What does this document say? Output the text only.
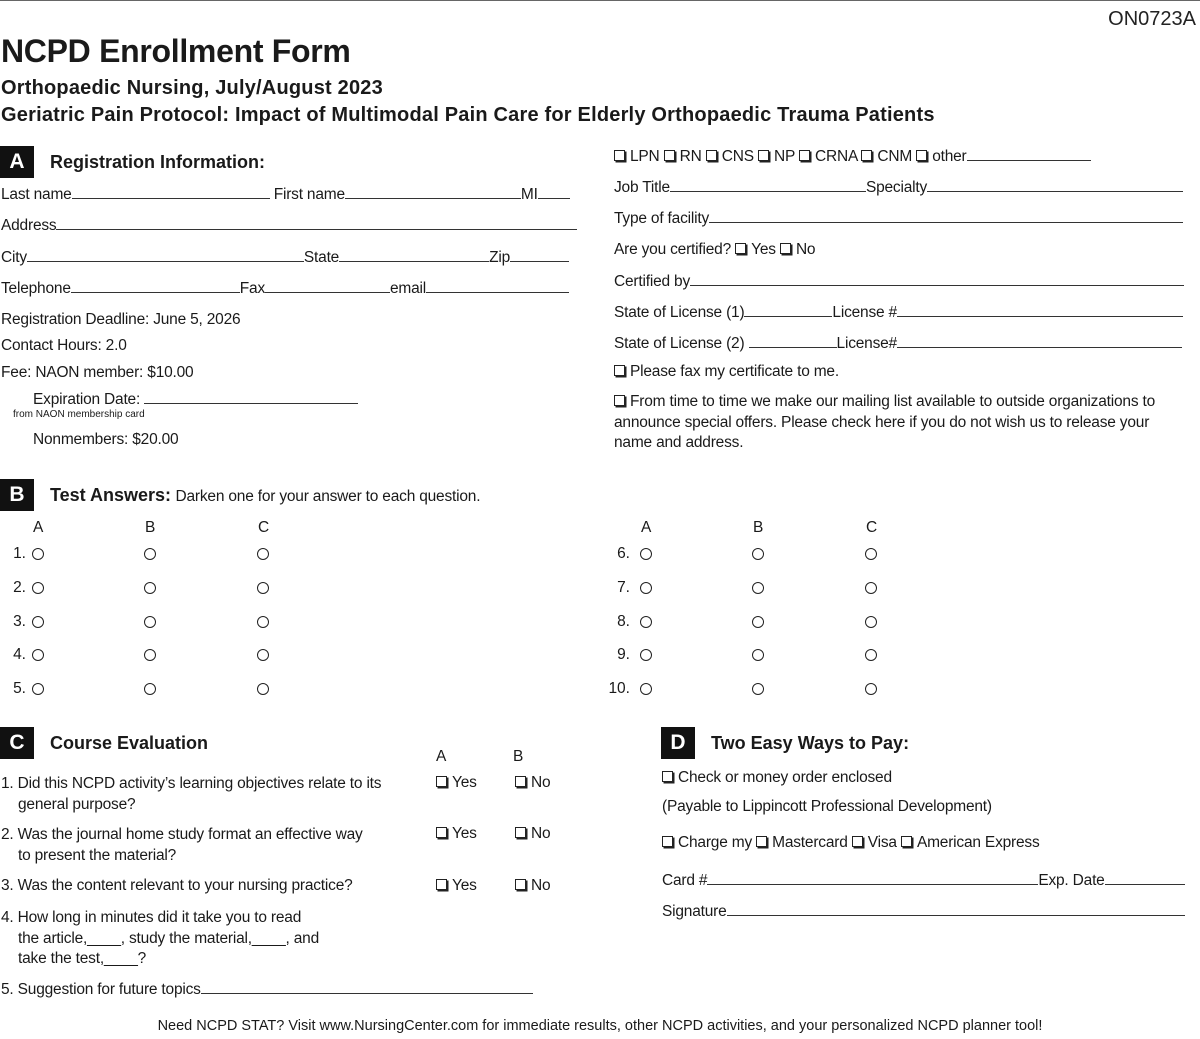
ON0723A
NCPD Enrollment Form
Orthopaedic Nursing, July/August 2023
Geriatric Pain Protocol: Impact of Multimodal Pain Care for Elderly Orthopaedic Trauma Patients
A	Registration Information:
Last name	First name	MI
Address
City	State	Zip
Telephone	Fax	email
Registration Deadline: June 5, 2026
Contact Hours: 2.0
Fee: NAON member: $10.00
Expiration Date:
from NAON membership card
Nonmembers: $20.00
LPN RN CNS NP CRNA CNM other
Job Title	Specialty
Type of facility
Are you certified? Yes No
Certified by
State of License (1)	License #
State of License (2)	License#
Please fax my certificate to me.
From time to time we make our mailing list available to outside organizations to
announce special offers. Please check here if you do not wish us to release your
name and address.
B	Test Answers: Darken one for your answer to each question.
A	B	C
1.
2.
3.
4.
5.
A	B	C
6.
7.
8.
9.
10.
C	Course Evaluation
A	B
1. Did this NCPD activity’s learning objectives relate to its
general purpose?
Yes	No
2. Was the journal home study format an effective way
to present the material?
Yes	No
3. Was the content relevant to your nursing practice?	Yes	No
4. How long in minutes did it take you to read
the article,____, study the material,____, and
take the test,____?
5. Suggestion for future topics
D	Two Easy Ways to Pay:
Check or money order enclosed
(Payable to Lippincott Professional Development)
Charge my Mastercard Visa American Express
Card #	Exp. Date
Signature
Need NCPD STAT? Visit www.NursingCenter.com for immediate results, other NCPD activities, and your personalized NCPD planner tool!
